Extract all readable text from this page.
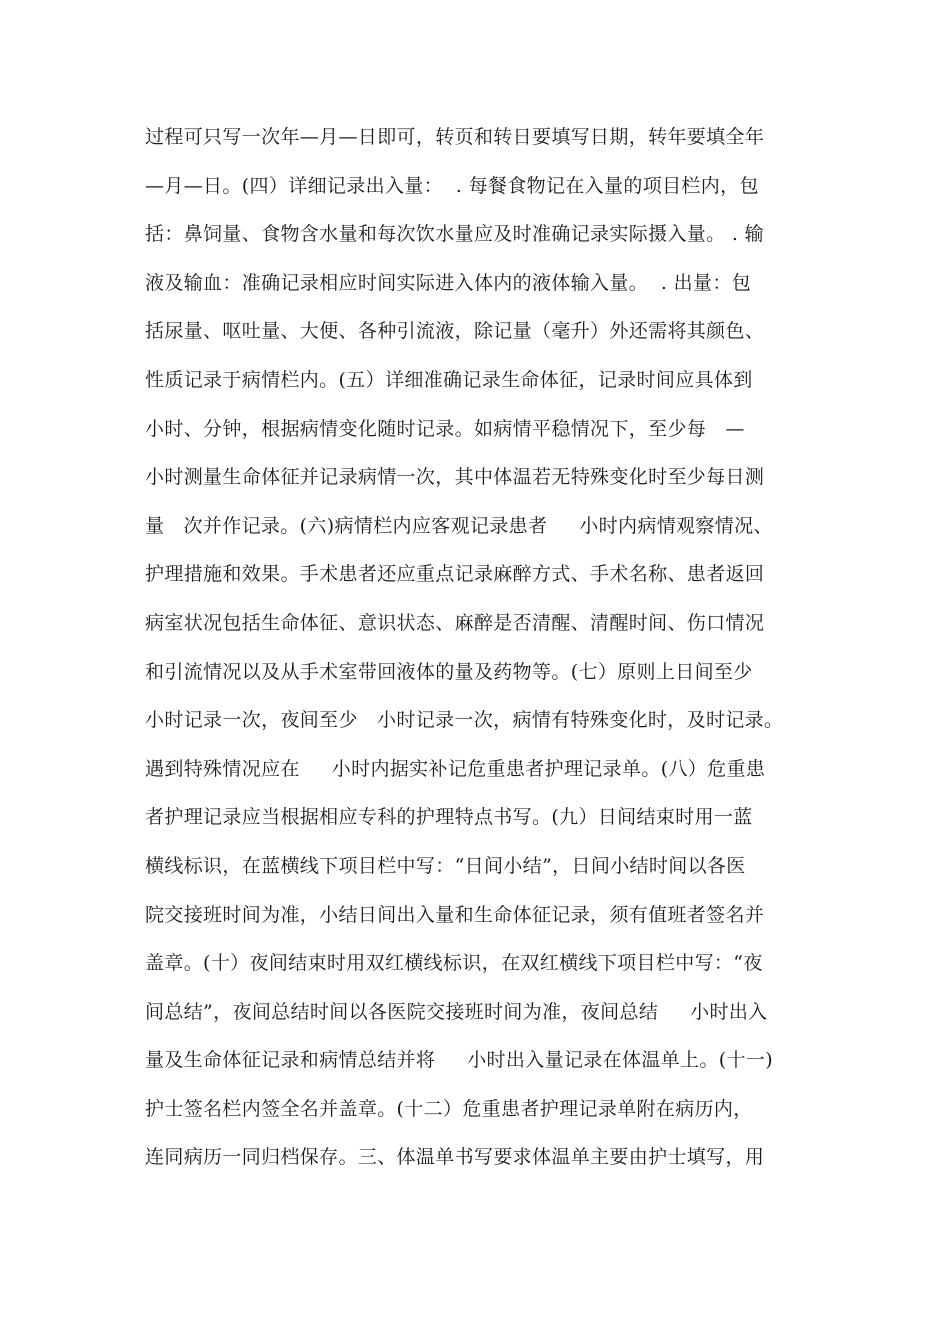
过程可只写一次年—月—日即可，转页和转日要填写日期，转年要填全年
—月—日。(四）详细记录出入量：  . 每餐食物记在入量的项目栏内，包
括：鼻饲量、食物含水量和每次饮水量应及时准确记录实际摄入量。 . 输
液及输血：准确记录相应时间实际进入体内的液体输入量。  . 出量：包
括尿量、呕吐量、大便、各种引流液，除记量（毫升）外还需将其颜色、
性质记录于病情栏内。(五）详细准确记录生命体征，记录时间应具体到
小时、分钟，根据病情变化随时记录。如病情平稳情况下，至少每   —
小时测量生命体征并记录病情一次，其中体温若无特殊变化时至少每日测
量   次并作记录。(六)病情栏内应客观记录患者     小时内病情观察情况、
护理措施和效果。手术患者还应重点记录麻醉方式、手术名称、患者返回
病室状况包括生命体征、意识状态、麻醉是否清醒、清醒时间、伤口情况
和引流情况以及从手术室带回液体的量及药物等。(七）原则上日间至少
小时记录一次，夜间至少   小时记录一次，病情有特殊变化时，及时记录。
遇到特殊情况应在     小时内据实补记危重患者护理记录单。(八）危重患
者护理记录应当根据相应专科的护理特点书写。(九）日间结束时用一蓝
横线标识，在蓝横线下项目栏中写：“日间小结”，日间小结时间以各医
院交接班时间为准，小结日间出入量和生命体征记录，须有值班者签名并
盖章。(十）夜间结束时用双红横线标识，在双红横线下项目栏中写：“夜
间总结”，夜间总结时间以各医院交接班时间为准，夜间总结     小时出入
量及生命体征记录和病情总结并将     小时出入量记录在体温单上。(十一)
护士签名栏内签全名并盖章。(十二）危重患者护理记录单附在病历内，
连同病历一同归档保存。三、体温单书写要求体温单主要由护士填写，用
